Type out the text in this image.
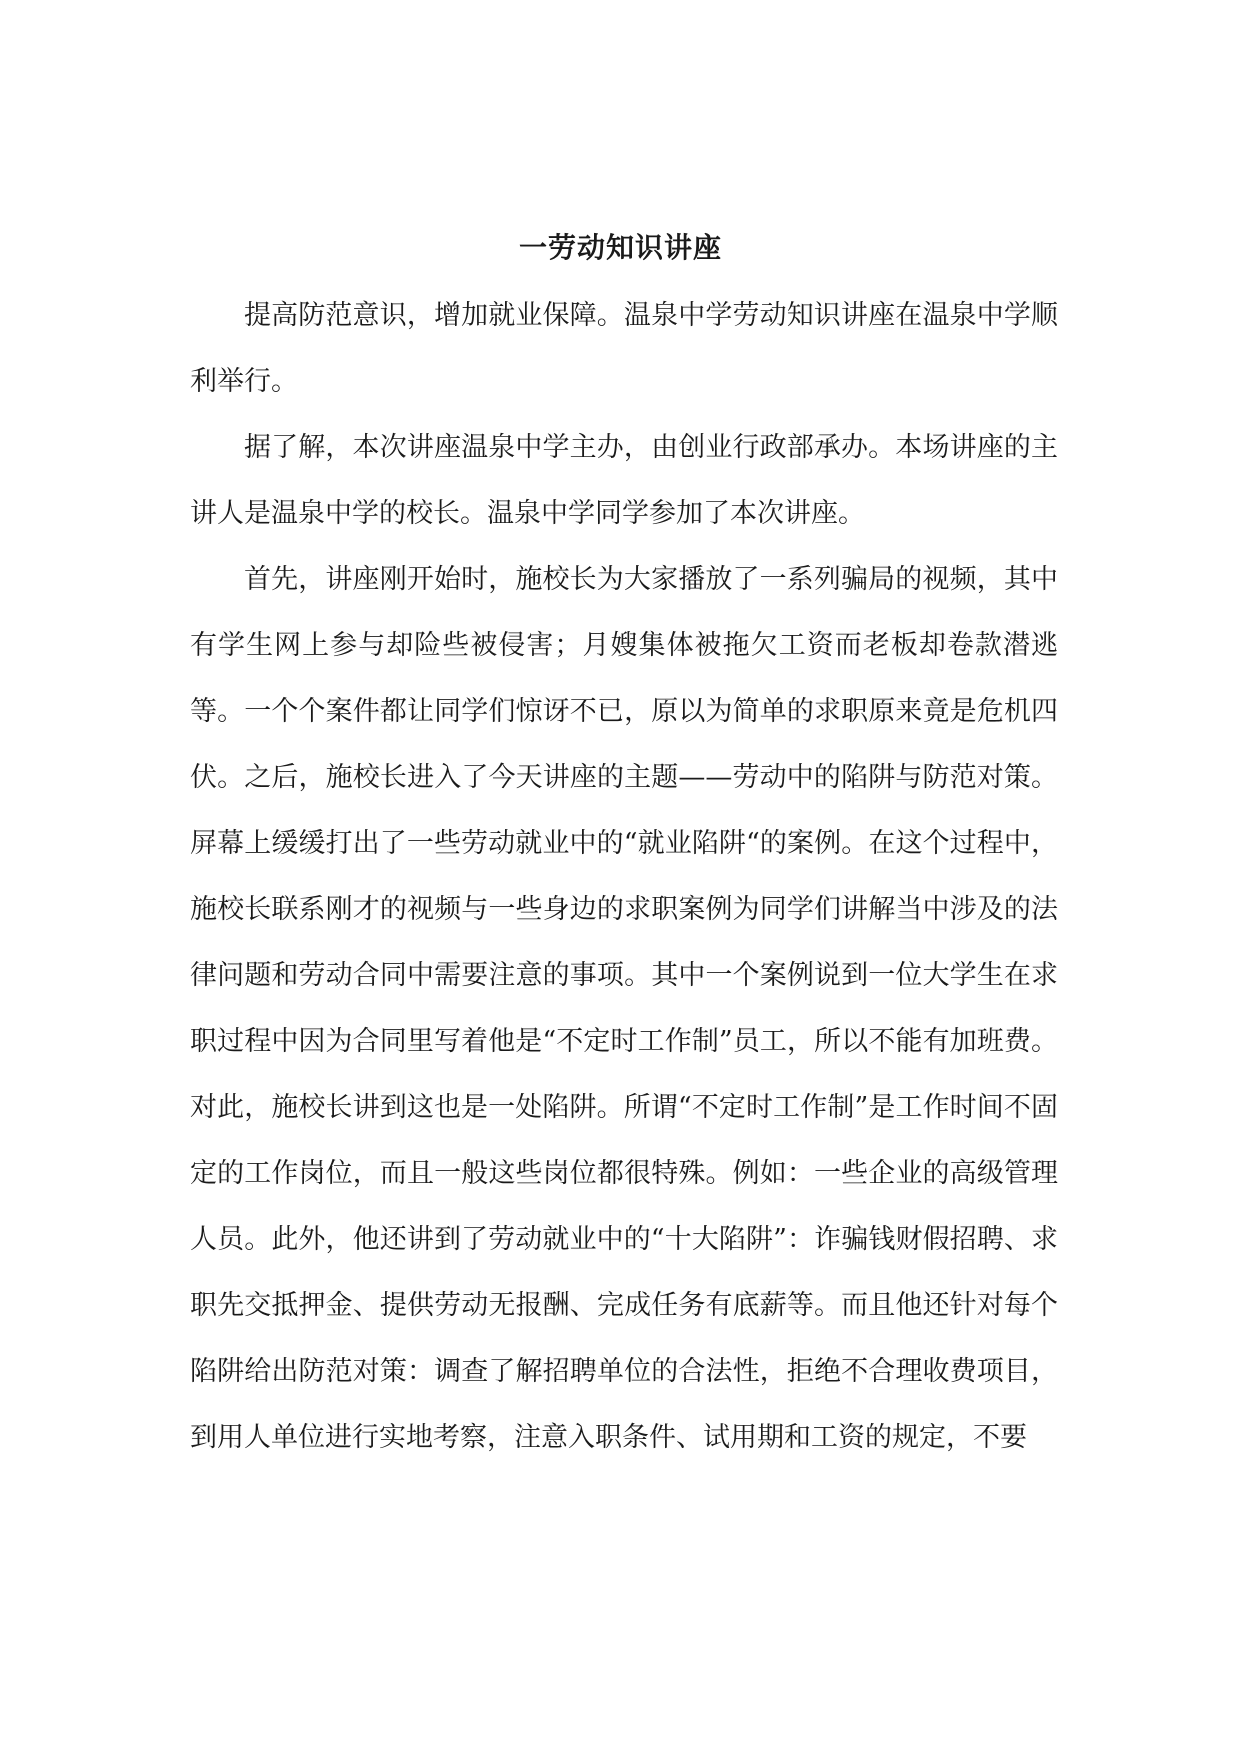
一劳动知识讲座

提高防范意识，增加就业保障。温泉中学劳动知识讲座在温泉中学顺利举行。

据了解，本次讲座温泉中学主办，由创业行政部承办。本场讲座的主讲人是温泉中学的校长。温泉中学同学参加了本次讲座。

首先，讲座刚开始时，施校长为大家播放了一系列骗局的视频，其中有学生网上参与却险些被侵害；月嫂集体被拖欠工资而老板却卷款潜逃等。一个个案件都让同学们惊讶不已，原以为简单的求职原来竟是危机四伏。之后，施校长进入了今天讲座的主题——劳动中的陷阱与防范对策。屏幕上缓缓打出了一些劳动就业中的“就业陷阱“的案例。在这个过程中，施校长联系刚才的视频与一些身边的求职案例为同学们讲解当中涉及的法律问题和劳动合同中需要注意的事项。其中一个案例说到一位大学生在求职过程中因为合同里写着他是“不定时工作制”员工，所以不能有加班费。对此，施校长讲到这也是一处陷阱。所谓“不定时工作制”是工作时间不固定的工作岗位，而且一般这些岗位都很特殊。例如：一些企业的高级管理人员。此外，他还讲到了劳动就业中的“十大陷阱”：诈骗钱财假招聘、求职先交抵押金、提供劳动无报酬、完成任务有底薪等。而且他还针对每个陷阱给出防范对策：调查了解招聘单位的合法性，拒绝不合理收费项目，到用人单位进行实地考察，注意入职条件、试用期和工资的规定，不要
